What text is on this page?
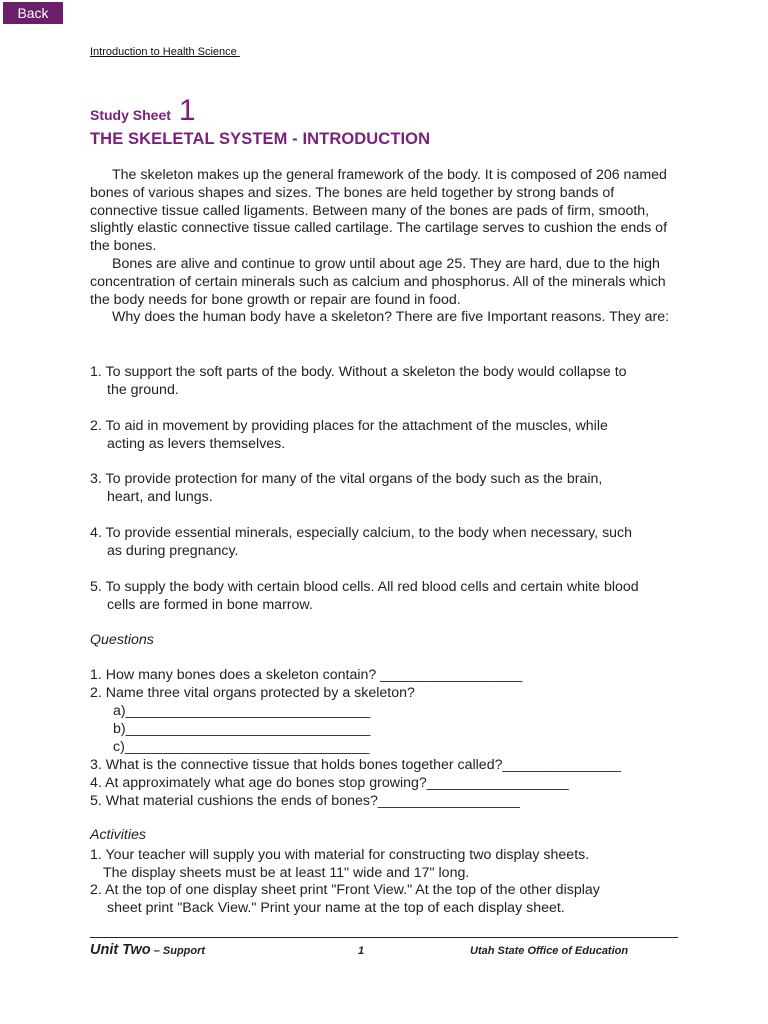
Back
Introduction to Health Science
Study Sheet 1
THE SKELETAL SYSTEM - INTRODUCTION

The skeleton makes up the general framework of the body. It is composed of 206 named bones of various shapes and sizes. The bones are held together by strong bands of connective tissue called ligaments. Between many of the bones are pads of firm, smooth, slightly elastic connective tissue called cartilage. The cartilage serves to cushion the ends of the bones.

Bones are alive and continue to grow until about age 25. They are hard, due to the high concentration of certain minerals such as calcium and phosphorus. All of the minerals which the body needs for bone growth or repair are found in food.

Why does the human body have a skeleton? There are five Important reasons. They are:

1. To support the soft parts of the body. Without a skeleton the body would collapse to
the ground.
2. To aid in movement by providing places for the attachment of the muscles, while
acting as levers themselves.
3. To provide protection for many of the vital organs of the body such as the brain,
heart, and lungs.
4. To provide essential minerals, especially calcium, to the body when necessary, such
as during pregnancy.
5. To supply the body with certain blood cells. All red blood cells and certain white blood
cells are formed in bone marrow.
Questions
1. How many bones does a skeleton contain? __________________
2. Name three vital organs protected by a skeleton?
a)_______________________________
b)_______________________________
c)_______________________________
3. What is the connective tissue that holds bones together called?_______________
4. At approximately what age do bones stop growing?__________________
5. What material cushions the ends of bones?__________________
Activities
1. Your teacher will supply you with material for constructing two display sheets.
The display sheets must be at least 11" wide and 17" long.
2. At the top of one display sheet print "Front View." At the top of the other display
sheet print "Back View." Print your name at the top of each display sheet.
Unit Two – Support	1	Utah State Office of Education
